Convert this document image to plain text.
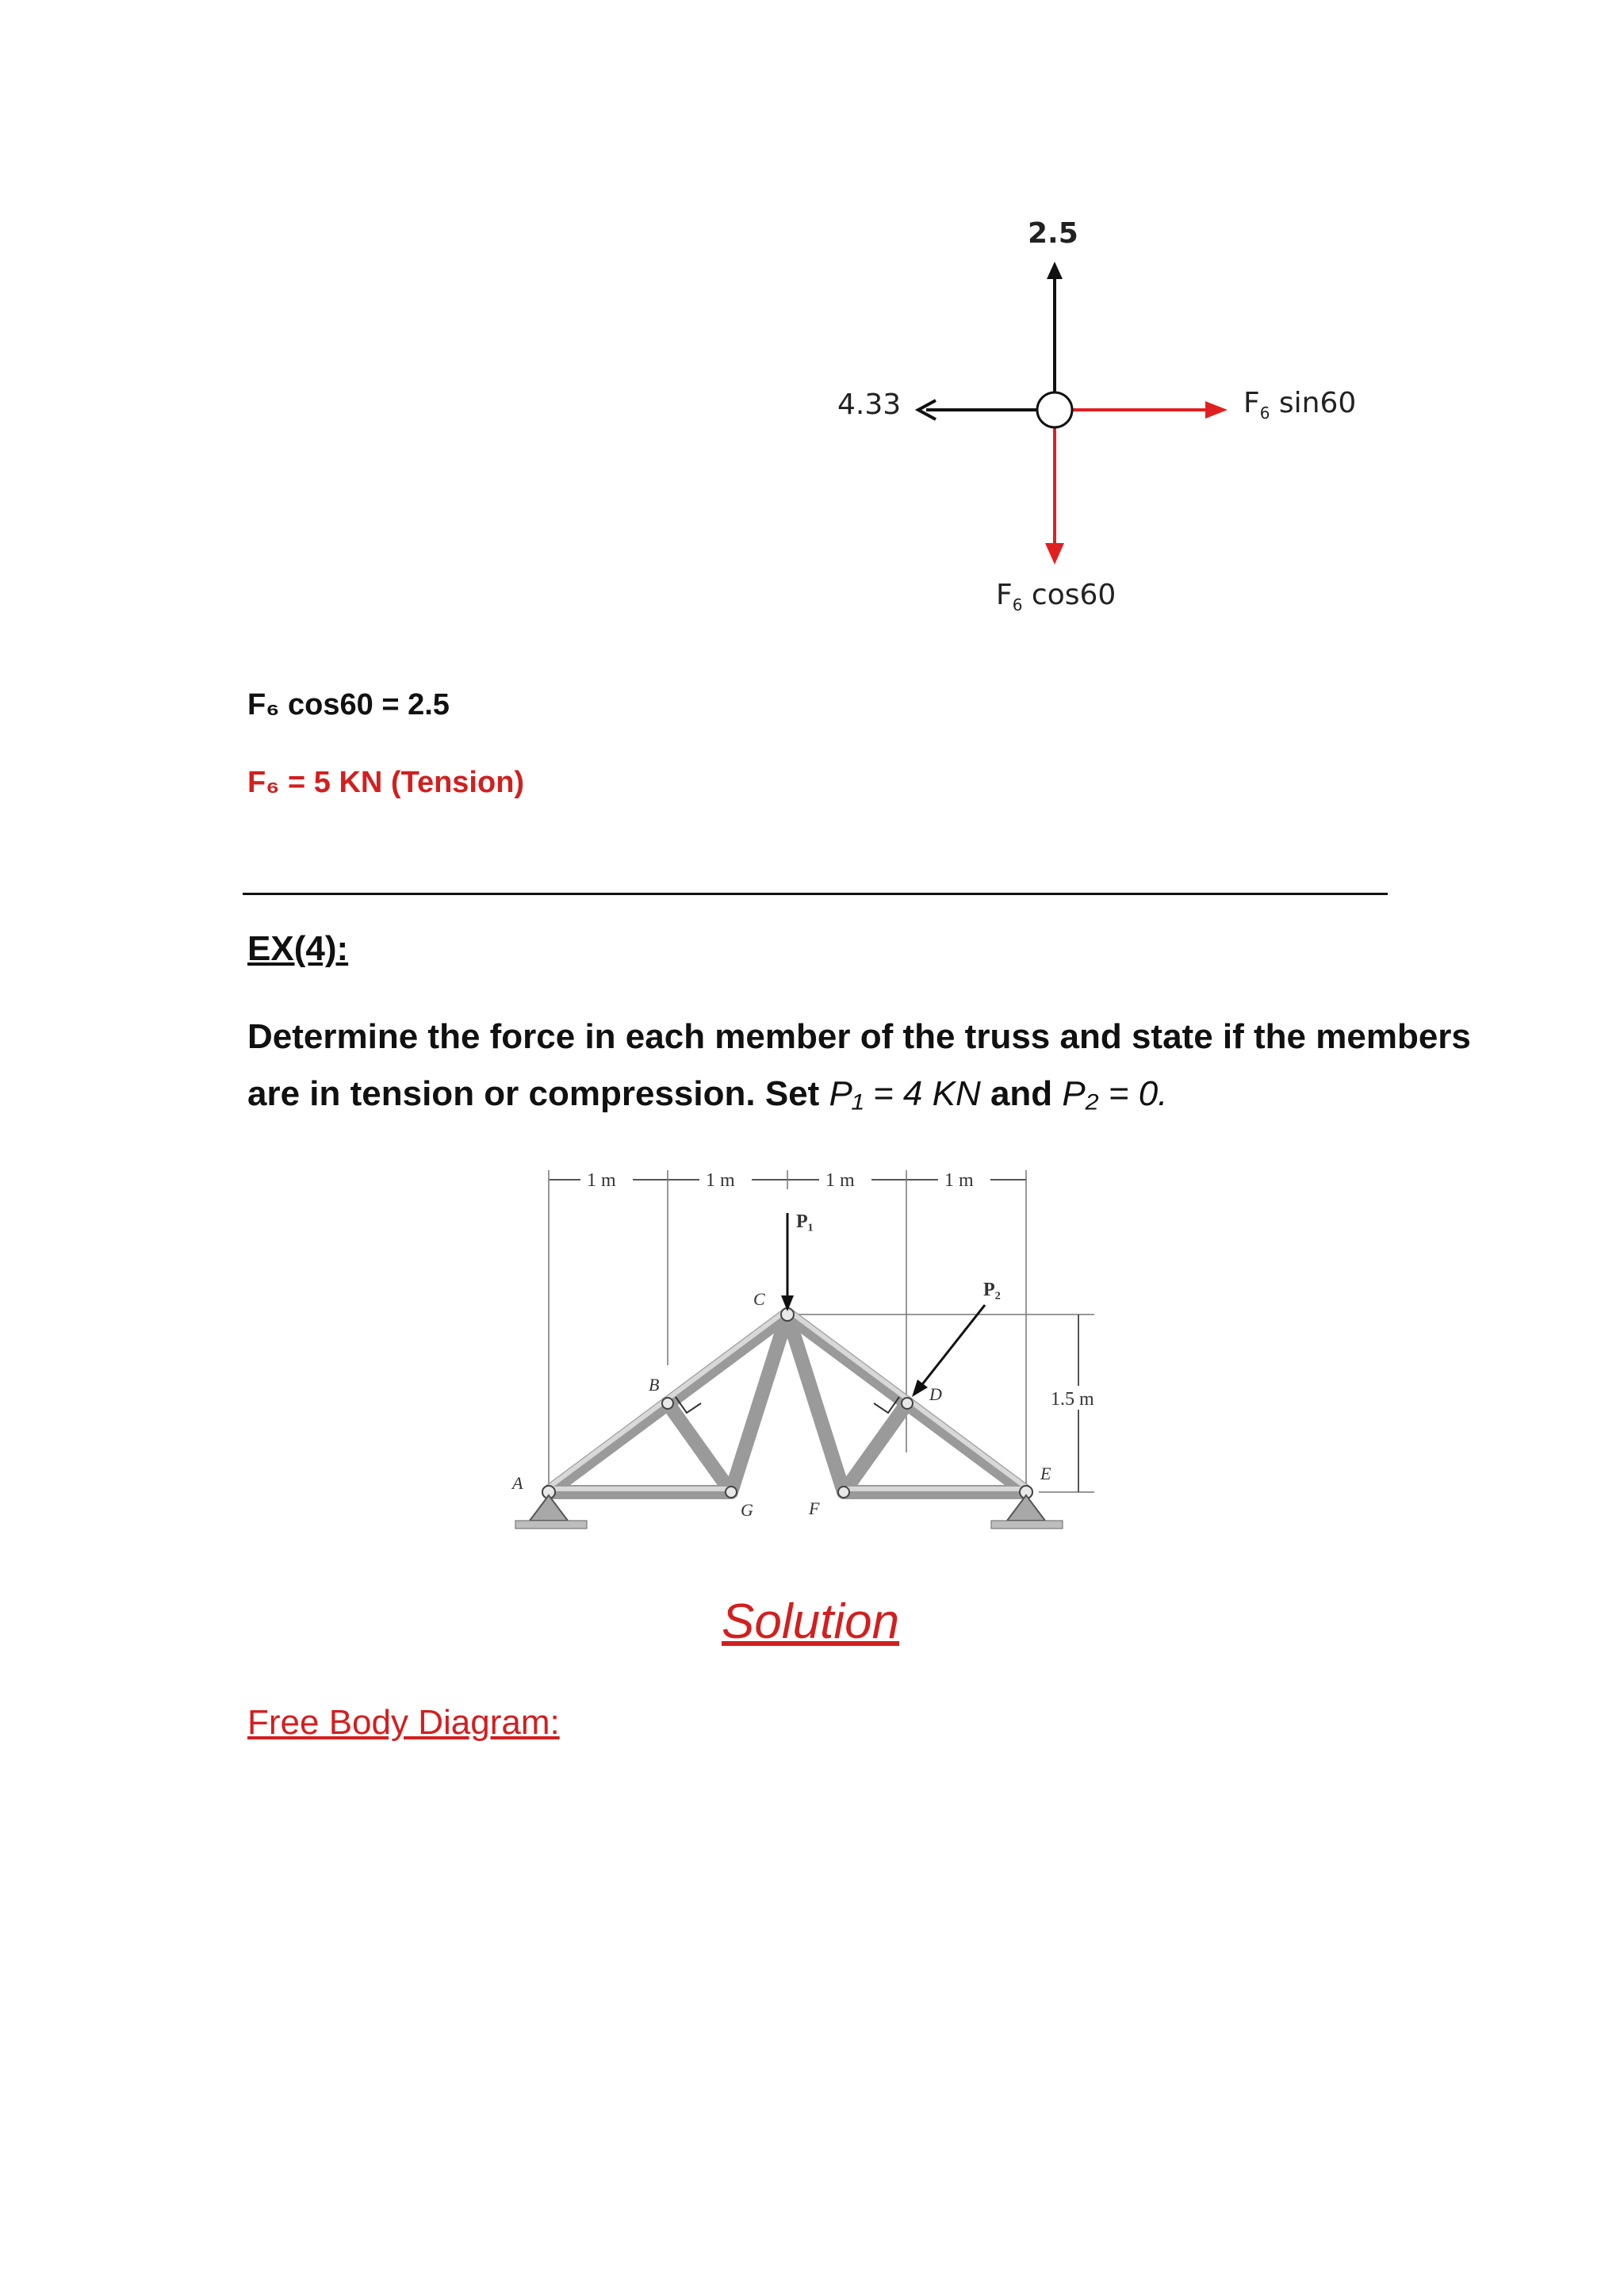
2.5
4.33	$F_6$ sin60
$F_6$ cos60
F₆ cos60 = 2.5
F₆ = 5 KN (Tension)
EX(4):
Determine the force in each member of the truss and state if the members are in tension or compression. Set P₁ = 4 KN and P₂ = 0.
1 m	1 m	1 m	1 m
1.5 m
P₁
P₂
A
B
C
D
E
F
G
Solution
Free Body Diagram:
